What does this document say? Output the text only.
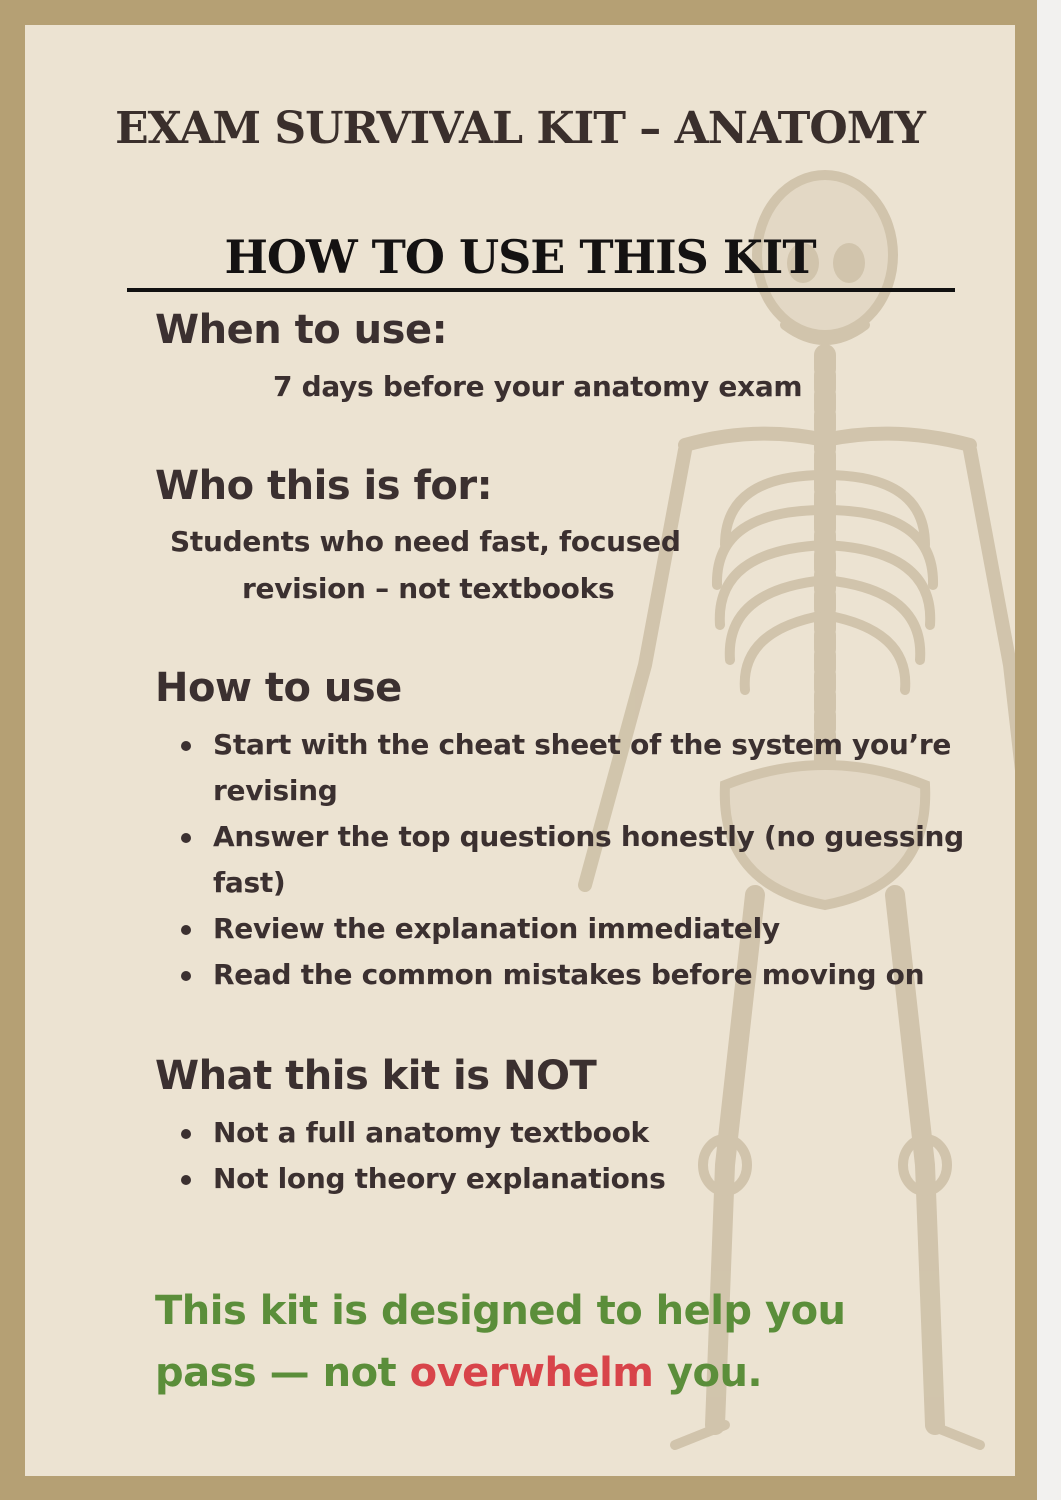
EXAM SURVIVAL KIT – ANATOMY
HOW TO USE THIS KIT
When to use:

7 days before your anatomy exam

Who this is for:

Students who need fast, focused

revision – not textbooks

How to use
Start with the cheat sheet of the system you’re revising
Answer the top questions honestly (no guessing fast)
Review the explanation immediately
Read the common mistakes before moving on
What this kit is NOT
Not a full anatomy textbook
Not long theory explanations

This kit is designed to help you pass — not overwhelm you.
